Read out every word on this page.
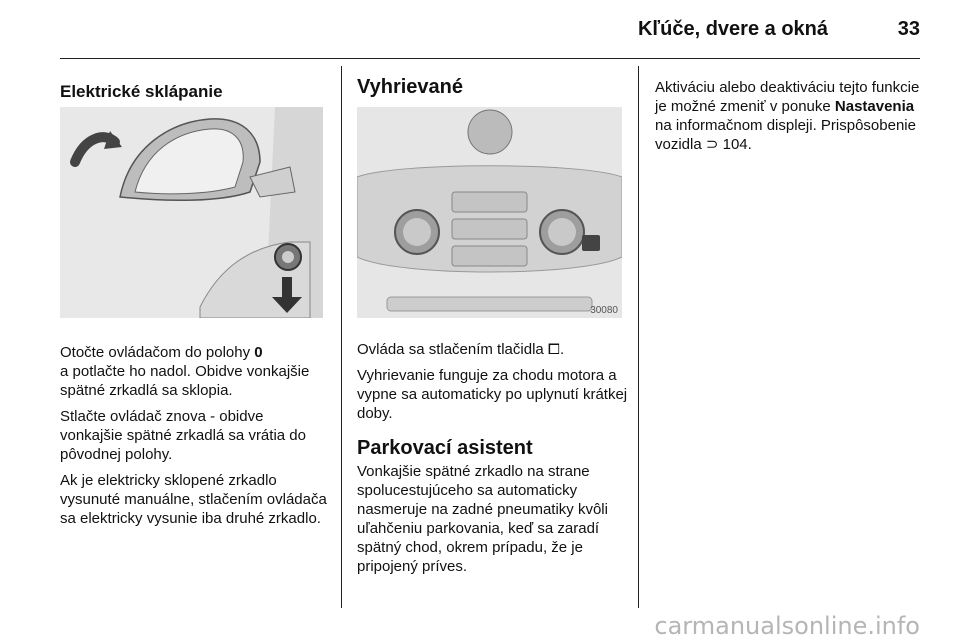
Kľúče, dvere a okná	33
Elektrické sklápanie

Otočte ovládačom do polohy 0
a potlačte ho nadol. Obidve vonkajšie spätné zrkadlá sa sklopia.

Stlačte ovládač znova - obidve vonkajšie spätné zrkadlá sa vrátia do pôvodnej polohy.

Ak je elektricky sklopené zrkadlo vysunuté manuálne, stlačením ovládača sa elektricky vysunie iba druhé zrkadlo.

Vyhrievané
30080

Ovláda sa stlačením tlačidla ⧠.

Vyhrievanie funguje za chodu motora a vypne sa automaticky po uplynutí krátkej doby.

Parkovací asistent

Vonkajšie spätné zrkadlo na strane spolucestujúceho sa automaticky nasmeruje na zadné pneumatiky kvôli uľahčeniu parkovania, keď sa zaradí spätný chod, okrem prípadu, že je pripojený príves.

Aktiváciu alebo deaktiváciu tejto funkcie je možné zmeniť v ponuke Nastavenia na informačnom displeji. Prispôsobenie vozidla ⊃ 104.

carmanualsonline.info
